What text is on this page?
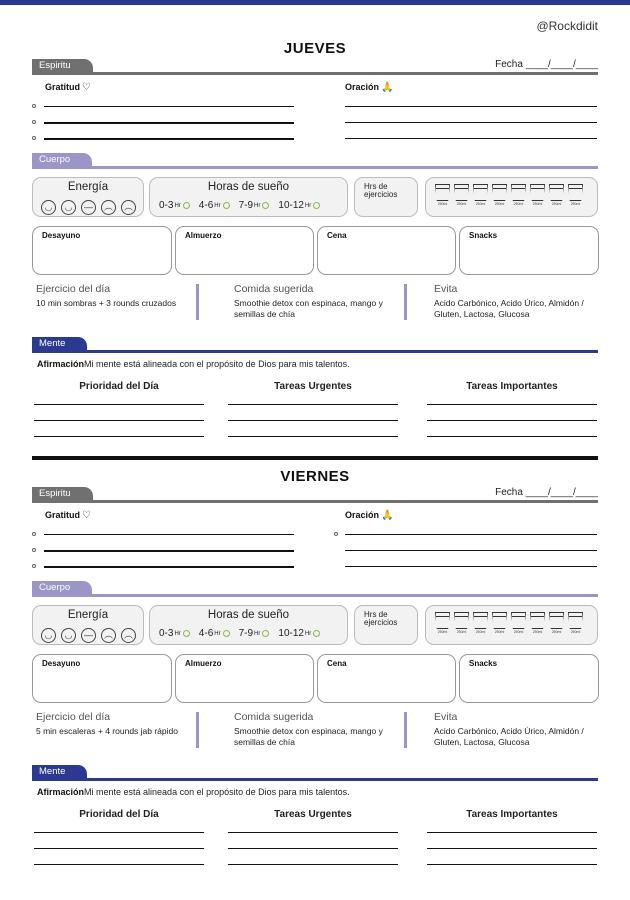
@Rockdidit
JUEVES
Espiritu	Fecha ____/____/____
Gratitud ♡	Oración 🙏
Cuerpo
Energía
◡	◡	—	︵	︵
Horas de sueño
0-3 Hr 4-6 Hr 7-9 Hr 10-12 Hr
Hrs de ejercicios
250ml	250ml	250ml	250ml	250ml	250ml	250ml	250ml
Desayuno	Almuerzo	Cena	Snacks
Ejercicio del día
10 min sombras + 3 rounds cruzados
Comida sugerida
Smoothie detox con espinaca, mango y semillas de chía
Evita
Acido Carbónico, Acido Úrico, Almidón / Gluten, Lactosa, Glucosa
Mente
AfirmaciónMi mente está alineada con el propósito de Dios para mis talentos.
Prioridad del Día	Tareas Urgentes	Tareas Importantes
VIERNES
Espiritu	Fecha ____/____/____
Gratitud ♡	Oración 🙏
Cuerpo
Energía
◡	◡	—	︵	︵
Horas de sueño
0-3 Hr 4-6 Hr 7-9 Hr 10-12 Hr
Hrs de ejercicios
250ml	250ml	250ml	250ml	250ml	250ml	250ml	250ml
Desayuno	Almuerzo	Cena	Snacks
Ejercicio del día
5 min escaleras + 4 rounds jab rápido
Comida sugerida
Smoothie detox con espinaca, mango y semillas de chía
Evita
Acido Carbónico, Acido Úrico, Almidón / Gluten, Lactosa, Glucosa
Mente
AfirmaciónMi mente está alineada con el propósito de Dios para mis talentos.
Prioridad del Día	Tareas Urgentes	Tareas Importantes
